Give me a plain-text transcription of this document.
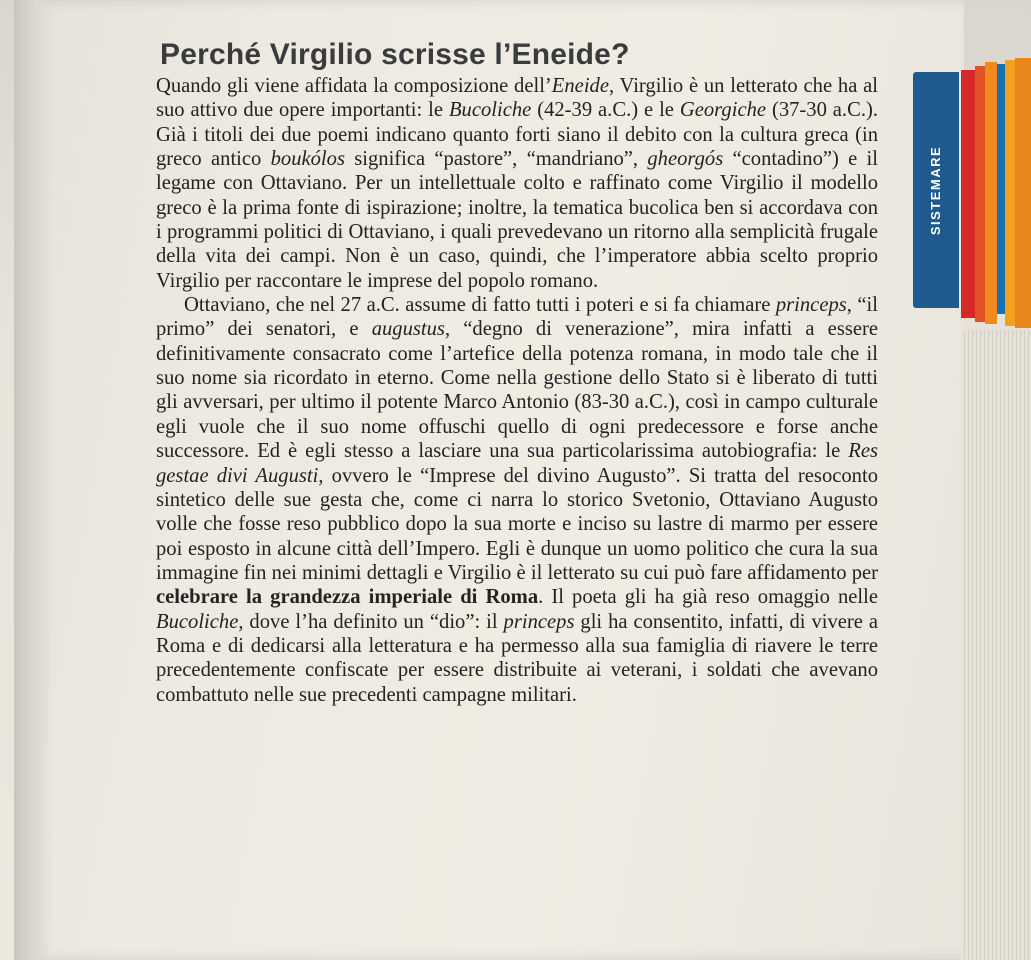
Perché Virgilio scrisse l’Eneide?

Quando gli viene affidata la composizione dell’Eneide, Virgilio è un letterato che ha al suo attivo due opere importanti: le Bucoliche (42-39 a.C.) e le Georgiche (37-30 a.C.). Già i titoli dei due poemi indicano quanto forti siano il debito con la cultura greca (in greco antico boukólos significa “pastore”, “mandriano”, gheorgós “contadino”) e il legame con Ottaviano. Per un intellettuale colto e raffinato come Virgilio il modello greco è la prima fonte di ispirazione; inoltre, la tematica bucolica ben si accordava con i programmi politici di Ottaviano, i quali prevedevano un ritorno alla semplicità frugale della vita dei campi. Non è un caso, quindi, che l’imperatore abbia scelto proprio Virgilio per raccontare le imprese del popolo romano.

Ottaviano, che nel 27 a.C. assume di fatto tutti i poteri e si fa chiamare princeps, “il primo” dei senatori, e augustus, “degno di venerazione”, mira infatti a essere definitivamente consacrato come l’artefice della potenza romana, in modo tale che il suo nome sia ricordato in eterno. Come nella gestione dello Stato si è liberato di tutti gli avversari, per ultimo il potente Marco Antonio (83-30 a.C.), così in campo culturale egli vuole che il suo nome offuschi quello di ogni predecessore e forse anche successore. Ed è egli stesso a lasciare una sua particolarissima autobiografia: le Res gestae divi Augusti, ovvero le “Imprese del divino Augusto”. Si tratta del resoconto sintetico delle sue gesta che, come ci narra lo storico Svetonio, Ottaviano Augusto volle che fosse reso pubblico dopo la sua morte e inciso su lastre di marmo per essere poi esposto in alcune città dell’Impero. Egli è dunque un uomo politico che cura la sua immagine fin nei minimi dettagli e Virgilio è il letterato su cui può fare affidamento per celebrare la grandezza imperiale di Roma. Il poeta gli ha già reso omaggio nelle Bucoliche, dove l’ha definito un “dio”: il princeps gli ha consentito, infatti, di vivere a Roma e di dedicarsi alla letteratura e ha permesso alla sua famiglia di riavere le terre precedentemente confiscate per essere distribuite ai veterani, i soldati che avevano combattuto nelle sue precedenti campagne militari.

SISTEMARE
